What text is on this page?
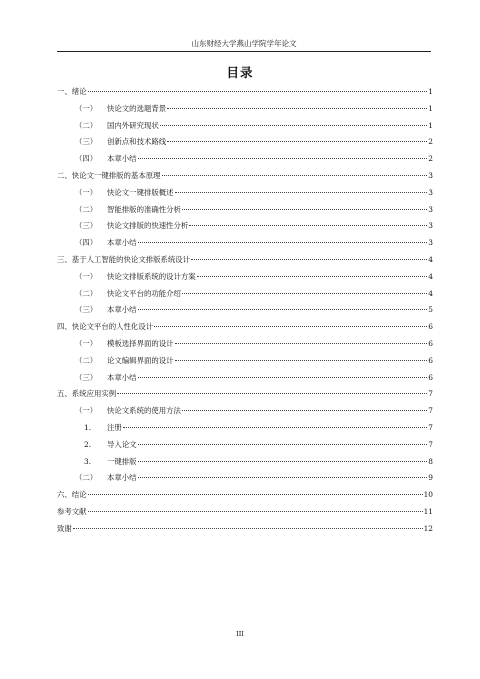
山东财经大学燕山学院学年论文
目录
一、 绪论	1
（一）	快论文的选题背景	1
（二）	国内外研究现状	1
（三）	创新点和技术路线	2
（四）	本章小结	2
二、 快论文一键排版的基本原理	3
（一）	快论文一键排版概述	3
（二）	智能排版的准确性分析	3
（三）	快论文排版的快速性分析	3
（四）	本章小结	3
三、 基于人工智能的快论文排版系统设计	4
（一）	快论文排版系统的设计方案	4
（二）	快论文平台的功能介绍	4
（三）	本章小结	5
四、 快论文平台的人性化设计	6
（一）	模板选择界面的设计	6
（二）	论文编辑界面的设计	6
（三）	本章小结	6
五、 系统应用实例	7
（一）	快论文系统的使用方法	7
1.	注册	7
2.	导入论文	7
3.	一键排版	8
（二）	本章小结	9
六、 结论	10
参考文献	11
致谢	12
III
